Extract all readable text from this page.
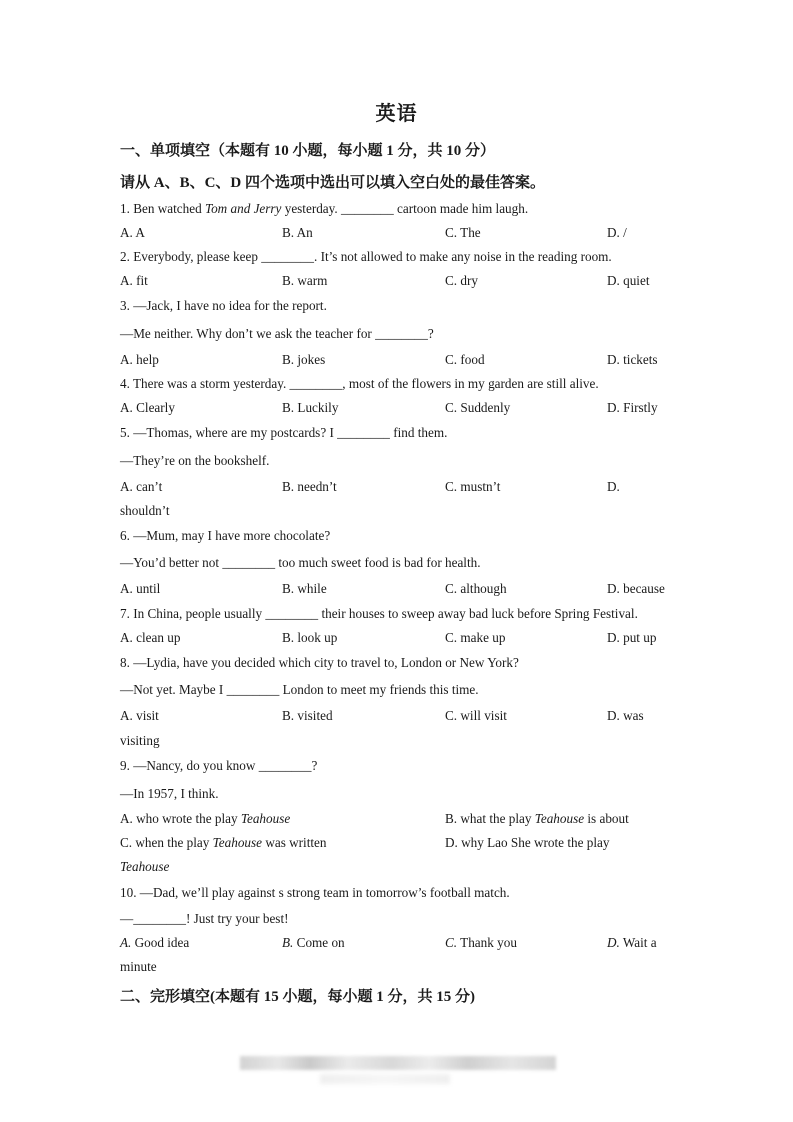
英语
一、单项填空（本题有 10 小题，每小题 1 分，共 10 分）
请从 A、B、C、D 四个选项中选出可以填入空白处的最佳答案。
1. Ben watched Tom and Jerry yesterday. ________ cartoon made him laugh.
A. A	B. An	C. The	D. /
2. Everybody, please keep ________. It’s not allowed to make any noise in the reading room.
A. fit	B. warm	C. dry	D. quiet
3. —Jack, I have no idea for the report.
—Me neither. Why don’t we ask the teacher for ________?
A. help	B. jokes	C. food	D. tickets
4. There was a storm yesterday. ________, most of the flowers in my garden are still alive.
A. Clearly	B. Luckily	C. Suddenly	D. Firstly
5. —Thomas, where are my postcards? I ________ find them.
—They’re on the bookshelf.
A. can’t	B. needn’t	C. mustn’t	D.
shouldn’t
6. —Mum, may I have more chocolate?
—You’d better not ________ too much sweet food is bad for health.
A. until	B. while	C. although	D. because
7. In China, people usually ________ their houses to sweep away bad luck before Spring Festival.
A. clean up	B. look up	C. make up	D. put up
8. —Lydia, have you decided which city to travel to, London or New York?
—Not yet. Maybe I ________ London to meet my friends this time.
A. visit	B. visited	C. will visit	D. was
visiting
9. —Nancy, do you know ________?
—In 1957, I think.
A. who wrote the play Teahouse	B. what the play Teahouse is about
C. when the play Teahouse was written	D. why Lao She wrote the play
Teahouse
10. —Dad, we’ll play against s strong team in tomorrow’s football match.
—________! Just try your best!
A. Good idea	B. Come on	C. Thank you	D. Wait a
minute
二、完形填空(本题有 15 小题，每小题 1 分，共 15 分)
